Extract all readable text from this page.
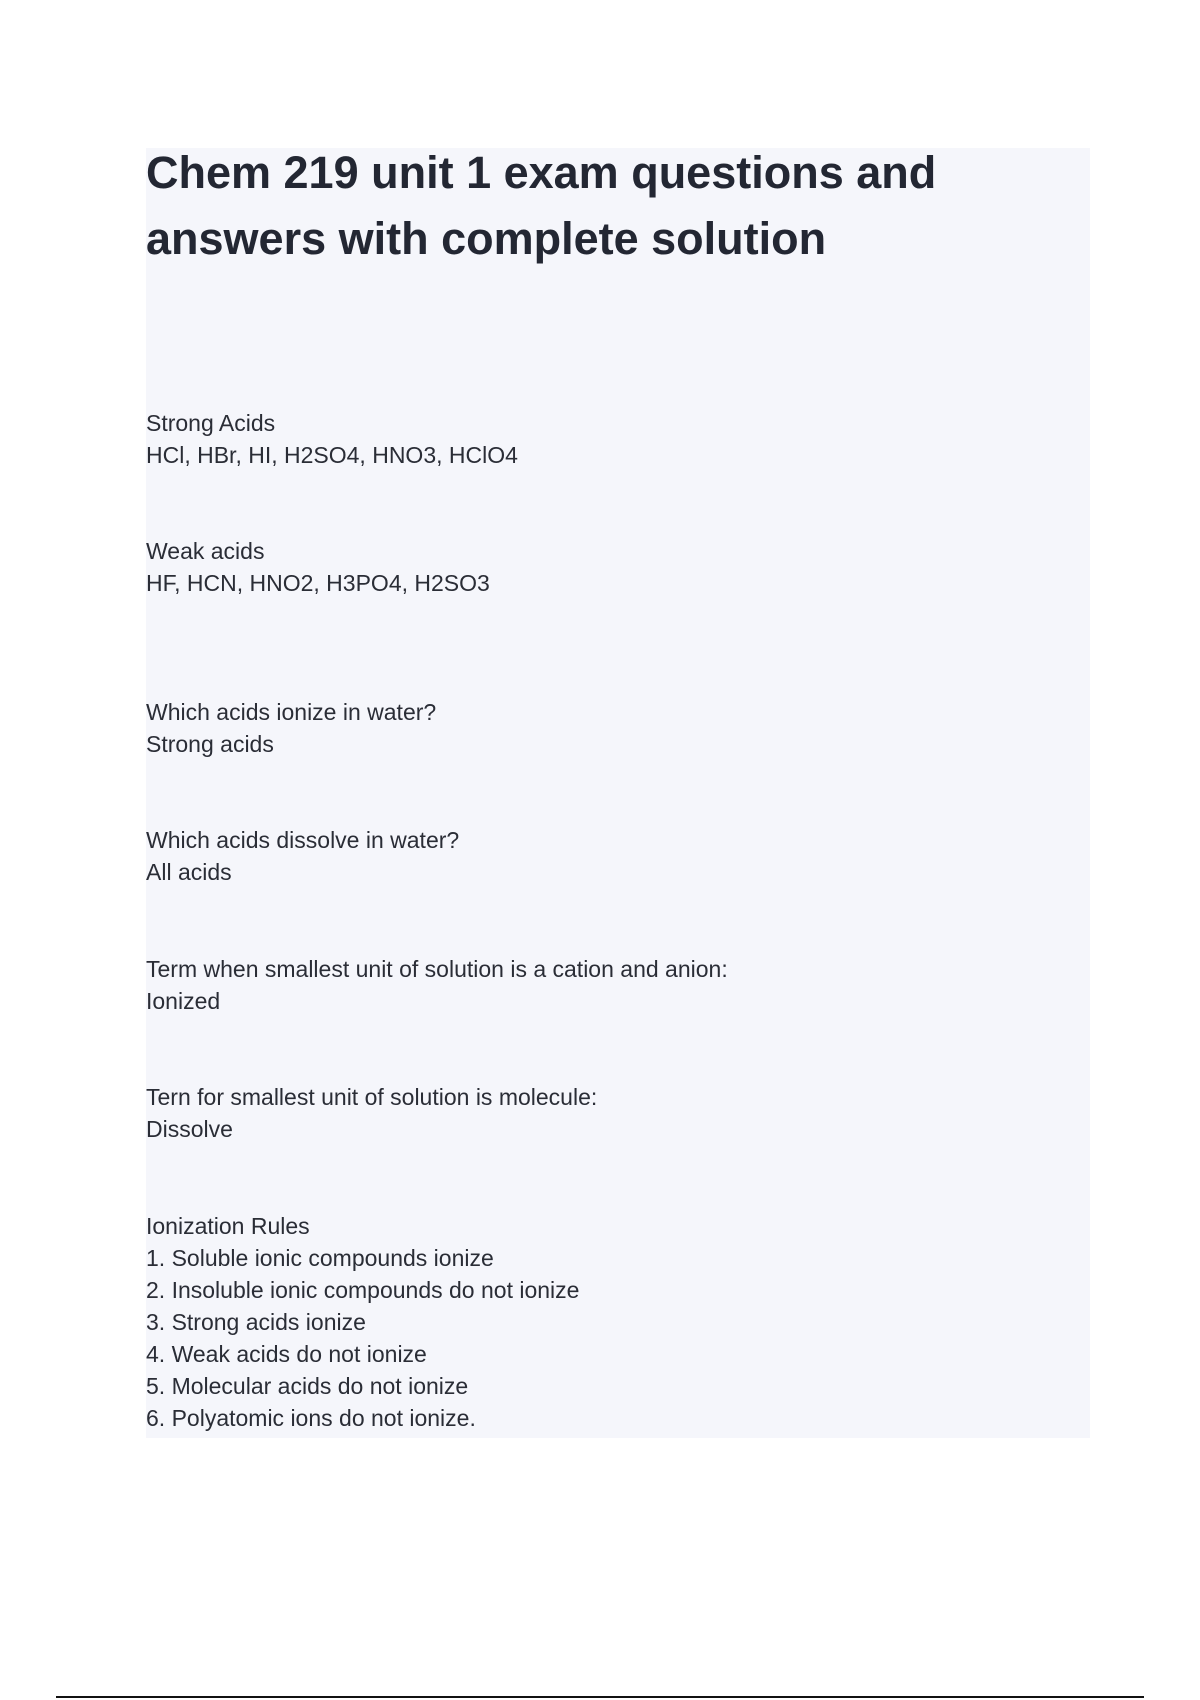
Chem 219 unit 1 exam questions and answers with complete solution
Strong Acids
HCl, HBr, HI, H2SO4, HNO3, HClO4
Weak acids
HF, HCN, HNO2, H3PO4, H2SO3
Which acids ionize in water?
Strong acids
Which acids dissolve in water?
All acids
Term when smallest unit of solution is a cation and anion:
Ionized
Tern for smallest unit of solution is molecule:
Dissolve
Ionization Rules
1. Soluble ionic compounds ionize
2. Insoluble ionic compounds do not ionize
3. Strong acids ionize
4. Weak acids do not ionize
5. Molecular acids do not ionize
6. Polyatomic ions do not ionize.
